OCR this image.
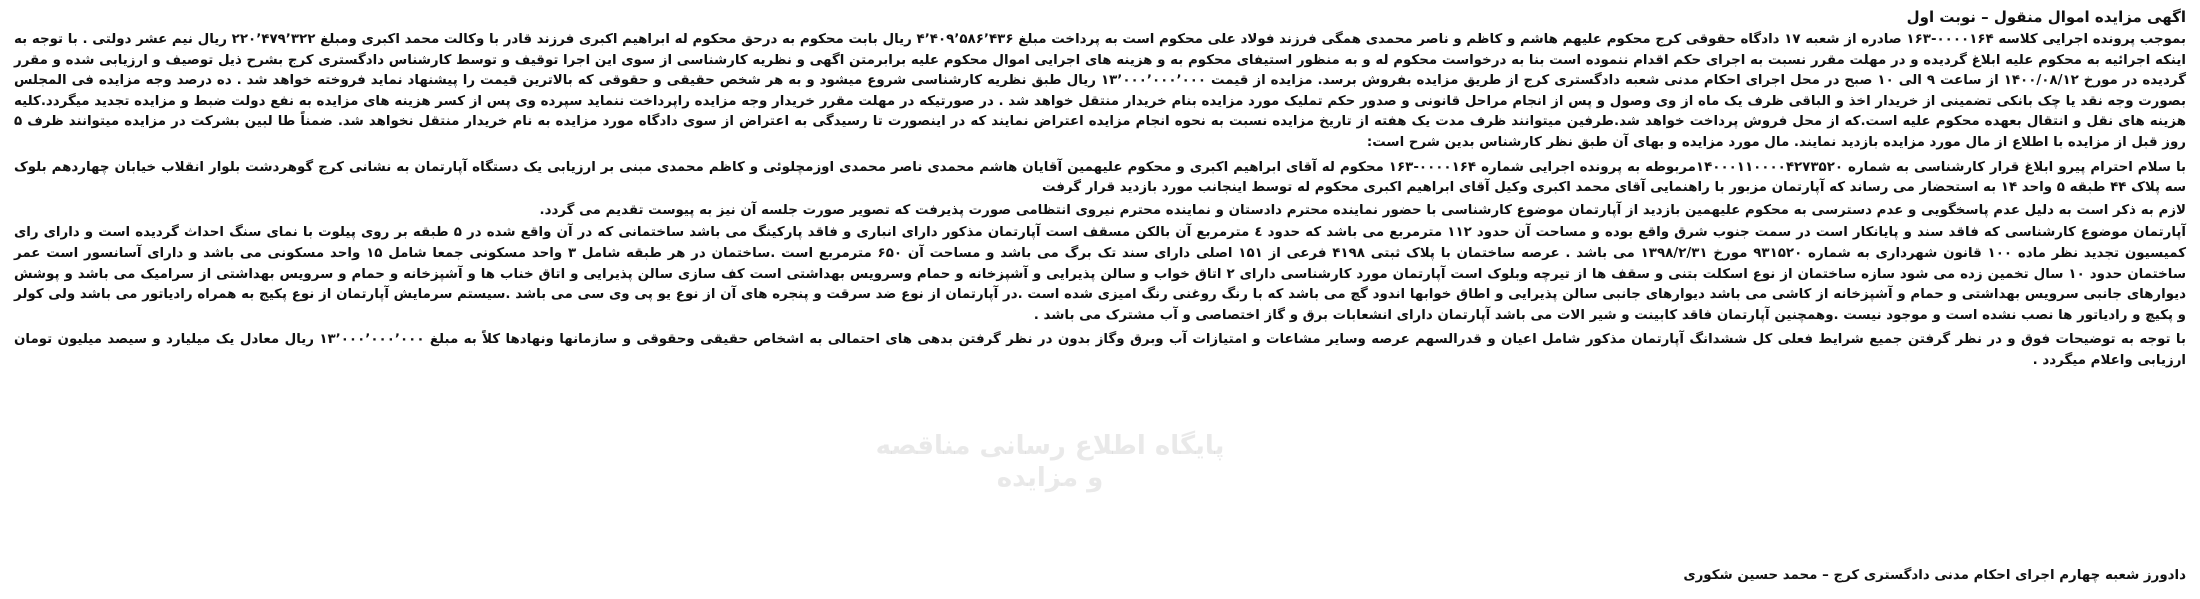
اگهی مزایده اموال منقول – نوبت اول

بموجب پرونده اجرایی کلاسه ۰۰۰۰۱۶۴-۱۶۳ صادره از شعبه ۱۷ دادگاه حقوقی کرج محکوم علیهم هاشم و کاظم و ناصر محمدی همگی فرزند فولاد علی محکوم است به پرداخت مبلغ ۴٬۴۰۹٬۵۸۶٬۴۳۶ ریال بابت محکوم به درحق محکوم له ابراهیم اکبری فرزند قادر با وکالت محمد اکبری ومبلغ ۲۲۰٬۴۷۹٬۳۲۲ ریال نیم عشر دولتی . با توجه به اینکه اجرائیه به محکوم علیه ابلاغ گردیده و در مهلت مقرر نسبت به اجرای حکم اقدام ننموده است بنا به درخواست محکوم له و به منظور استیفای محکوم به و هزینه های اجرایی اموال محکوم علیه برابرمتن اگهی و نظریه کارشناسی از سوی این اجرا توقیف و توسط کارشناس دادگستری کرج بشرح ذیل توصیف و ارزیابی شده و مقرر گردیده در مورخ ۱۴۰۰/۰۸/۱۲ از ساعت ۹ الی ۱۰ صبح در محل اجرای احکام مدنی شعبه دادگستری کرج از طریق مزایده بفروش برسد. مزایده از قیمت ۱۳٬۰۰۰٬۰۰۰٬۰۰۰ ریال طبق نظریه کارشناسی شروع میشود و به هر شخص حقیقی و حقوقی که بالاترین قیمت را پیشنهاد نماید فروخته خواهد شد . ده درصد وجه مزایده فی المجلس بصورت وجه نقد یا چک بانکی تضمینی از خریدار اخذ و الباقی ظرف یک ماه از وی وصول و پس از انجام مراحل قانونی و صدور حکم تملیک مورد مزایده بنام خریدار منتقل خواهد شد . در صورتیکه در مهلت مقرر خریدار وجه مزایده راپرداخت ننماید سپرده وی پس از کسر هزینه های مزایده به نفع دولت ضبط و مزایده تجدید میگردد.کلیه هزینه های نقل و انتقال بعهده محکوم علیه است.که از محل فروش پرداخت خواهد شد.طرفین میتوانند ظرف مدت یک هفته از تاریخ مزایده نسبت به نحوه انجام مزایده اعتراض نمایند که در اینصورت تا رسیدگی به اعتراض از سوی دادگاه مورد مزایده به نام خریدار منتقل نخواهد شد. ضمناً طا لبین بشرکت در مزایده میتوانند ظرف ۵ روز قبل از مزایده با اطلاع از مال مورد مزایده بازدید نمایند. مال مورد مزایده و بهای آن طبق نظر کارشناس بدین شرح است:

با سلام احترام پیرو ابلاغ قرار کارشناسی به شماره ۱۴۰۰۰۱۱۰۰۰۰۴۲۷۳۵۲۰مربوطه به پرونده اجرایی شماره ۰۰۰۰۱۶۴-۱۶۳ محکوم له آقای ابراهیم اکبری و محکوم علیهمین آقایان هاشم محمدی ناصر محمدی اوزمچلوئی و کاظم محمدی مبنی بر ارزیابی یک دستگاه آپارتمان به نشانی کرج گوهردشت بلوار انقلاب خیابان چهاردهم بلوک سه پلاک ۴۴ طبقه ۵ واحد ۱۴ به استحضار می رساند که آپارتمان مزبور با راهنمایی آقای محمد اکبری وکیل آقای ابراهیم اکبری محکوم له توسط اینجانب مورد بازدید قرار گرفت

لازم به ذکر است به دلیل عدم پاسخگویی و عدم دسترسی به محکوم علیهمین بازدید از آپارتمان موضوع کارشناسی با حضور نماینده محترم دادستان و نماینده محترم نیروی انتظامی صورت پذیرفت که تصویر صورت جلسه آن نیز به پیوست تقدیم می گردد.

آپارتمان موضوع کارشناسی که فاقد سند و پایانکار است در سمت جنوب شرق واقع بوده و مساحت آن حدود ۱۱۲ مترمربع می باشد که حدود ٤ مترمربع آن بالکن مسقف است آپارتمان مذکور دارای انباری و فاقد پارکینگ می باشد ساختمانی که در آن واقع شده در ۵ طبقه بر روی پیلوت با نمای سنگ احداث گردیده است و دارای رای کمیسیون تجدید نظر ماده ۱۰۰ قانون شهرداری به شماره ۹۳۱۵۲۰ مورخ ۱۳۹۸/۲/۳۱ می باشد . عرصه ساختمان با پلاک ثبتی ۴۱۹۸ فرعی از ۱۵۱ اصلی دارای سند تک برگ می باشد و مساحت آن ۶۵۰ مترمربع است .ساختمان در هر طبقه شامل ۳ واحد مسکونی جمعا شامل ۱۵ واحد مسکونی می باشد و دارای آسانسور است عمر ساختمان حدود ۱۰ سال تخمین زده می شود سازه ساختمان از نوع اسکلت بتنی و سقف ها از تیرچه وبلوک است آپارتمان مورد کارشناسی دارای ۲ اتاق خواب و سالن پذیرایی و آشپزخانه و حمام وسرویس بهداشتی است کف سازی سالن پذیرایی و اتاق خناب ها و آشپزخانه و حمام و سرویس بهداشتی از سرامیک می باشد و پوشش دیوارهای جانبی سرویس بهداشتی و حمام و آشپزخانه از کاشی می باشد دیوارهای جانبی سالن پذیرایی و اطاق خوابها اندود گچ می باشد که با رنگ روغنی رنگ امیزی شده است .در آپارتمان از نوع ضد سرقت و پنجره های آن از نوع یو پی وی سی می باشد .سیستم سرمایش آپارتمان از نوع پکیج به همراه رادیاتور می باشد ولی کولر و پکیچ و رادیاتور ها نصب نشده است و موجود نیست .وهمچنین آپارتمان فاقد کابینت و شیر الات می باشد آپارتمان دارای انشعابات برق و گاز اختصاصی و آب مشترک می باشد .

با توجه به توضیحات فوق و در نظر گرفتن جمیع شرایط فعلی کل ششدانگ آپارتمان مذکور شامل اعیان و قدرالسهم عرصه وسایر مشاعات و امتیازات آب وبرق وگاز بدون در نظر گرفتن بدهی های احتمالی به اشخاص حقیقی وحقوقی و سازمانها ونهادها کلاً به مبلغ ۱۳٬۰۰۰٬۰۰۰٬۰۰۰ ریال معادل یک میلیارد و سیصد میلیون تومان ارزیابی واعلام میگردد .

پایگاه اطلاع رسانی مناقصه و مزایده
دادورز شعبه چهارم اجرای احکام مدنی دادگستری کرج – محمد حسین شکوری
